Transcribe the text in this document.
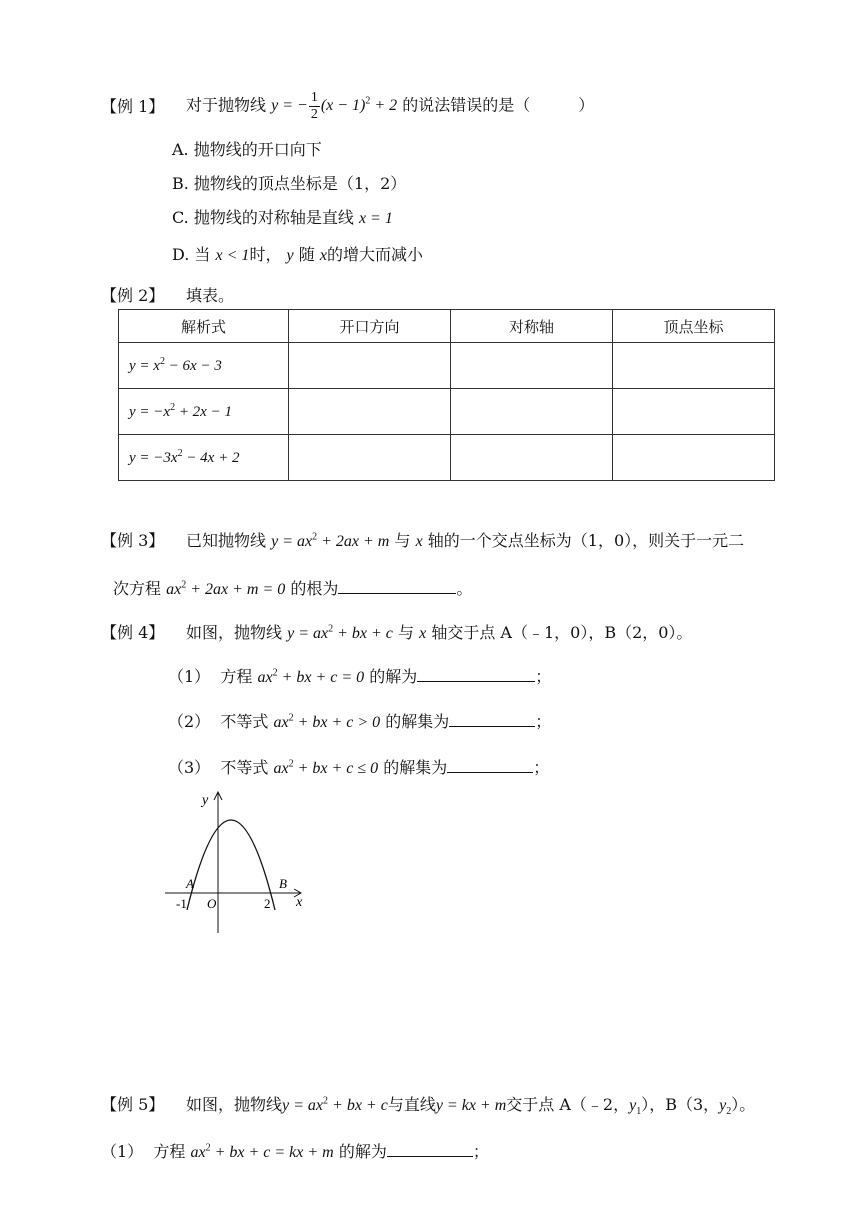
【例 1】 对于抛物线 y = − $\frac{1}{2} (x - 1)^2 + 2$ 的说法错误的是（	）
A. 抛物线的开口向下
B. 抛物线的顶点坐标是（1，2）
C. 抛物线的对称轴是直线 x = 1
D. 当 x < 1时， y 随 x的增大而减小
【例 2】 填表。
解析式	开口方向	对称轴	顶点坐标
$y = x^2 - 6x - 3$			
$y = -x^2 + 2x - 1$			
$y = -3x^2 - 4x + 2$			
【例 3】 已知抛物线 $y = ax^2 + 2ax + m$ 与 x 轴的一个交点坐标为（1，0），则关于一元二
次方程 $ax^2 + 2ax + m = 0$ 的根为	。
【例 4】 如图，抛物线 $y = ax^2$ + bx + c 与 x 轴交于点 A（﹣1，0），B（2，0）。
（1） 方程 $ax^2$ + bx + c = 0 的解为	；
（2） 不等式 $ax^2$ + bx + c > 0 的解集为	；
（3） 不等式 $ax^2$ + bx + c ≤ 0 的解集为	；
y
x
A	B
O
-1	2
【例 5】 如图，抛物线$y = ax^2$ + bx + c与直线y = kx + m交于点 A（﹣2，$y_1$），B（3，$y_2$）。
（1） 方程 $ax^2$ + bx + c = kx + m 的解为	；
